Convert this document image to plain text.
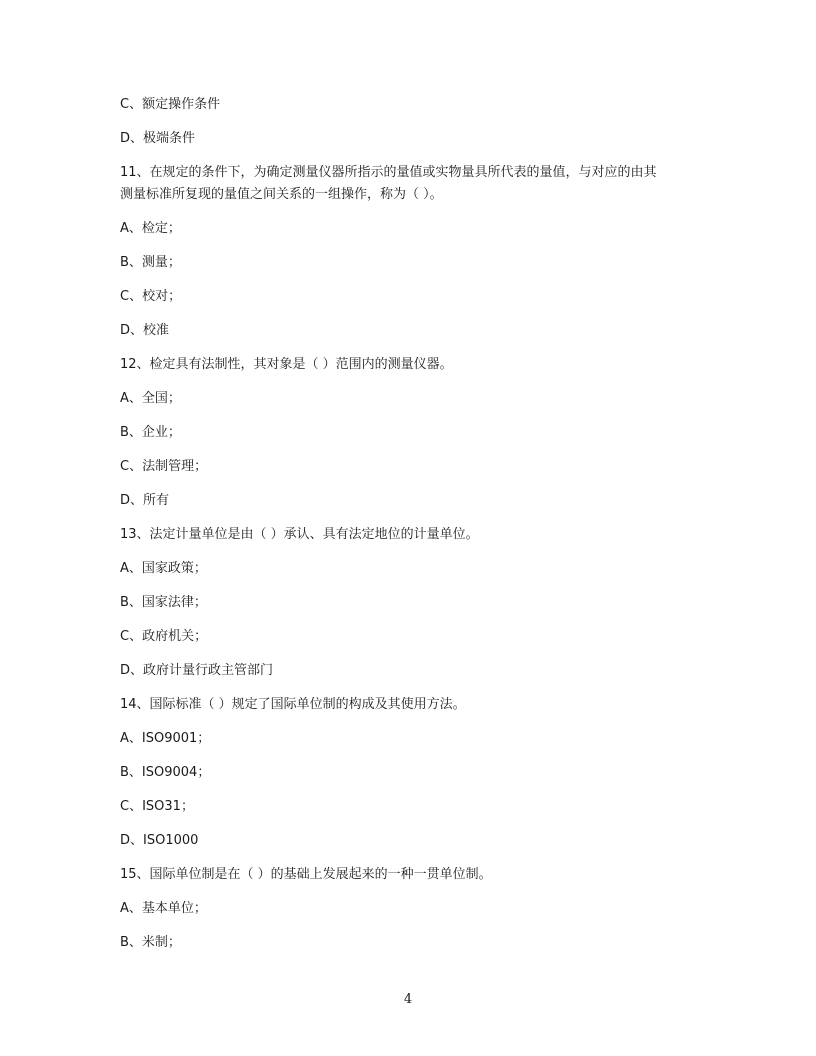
C、额定操作条件
D、极端条件
11、在规定的条件下，为确定测量仪器所指示的量值或实物量具所代表的量值，与对应的由其
测量标准所复现的量值之间关系的一组操作，称为（ ）。
A、检定；
B、测量；
C、校对；
D、校准
12、检定具有法制性，其对象是（ ）范围内的测量仪器。
A、全国；
B、企业；
C、法制管理；
D、所有
13、法定计量单位是由（ ）承认、具有法定地位的计量单位。
A、国家政策；
B、国家法律；
C、政府机关；
D、政府计量行政主管部门
14、国际标准（ ）规定了国际单位制的构成及其使用方法。
A、ISO9001；
B、ISO9004；
C、ISO31；
D、ISO1000
15、国际单位制是在（ ）的基础上发展起来的一种一贯单位制。
A、基本单位；
B、米制；
4
